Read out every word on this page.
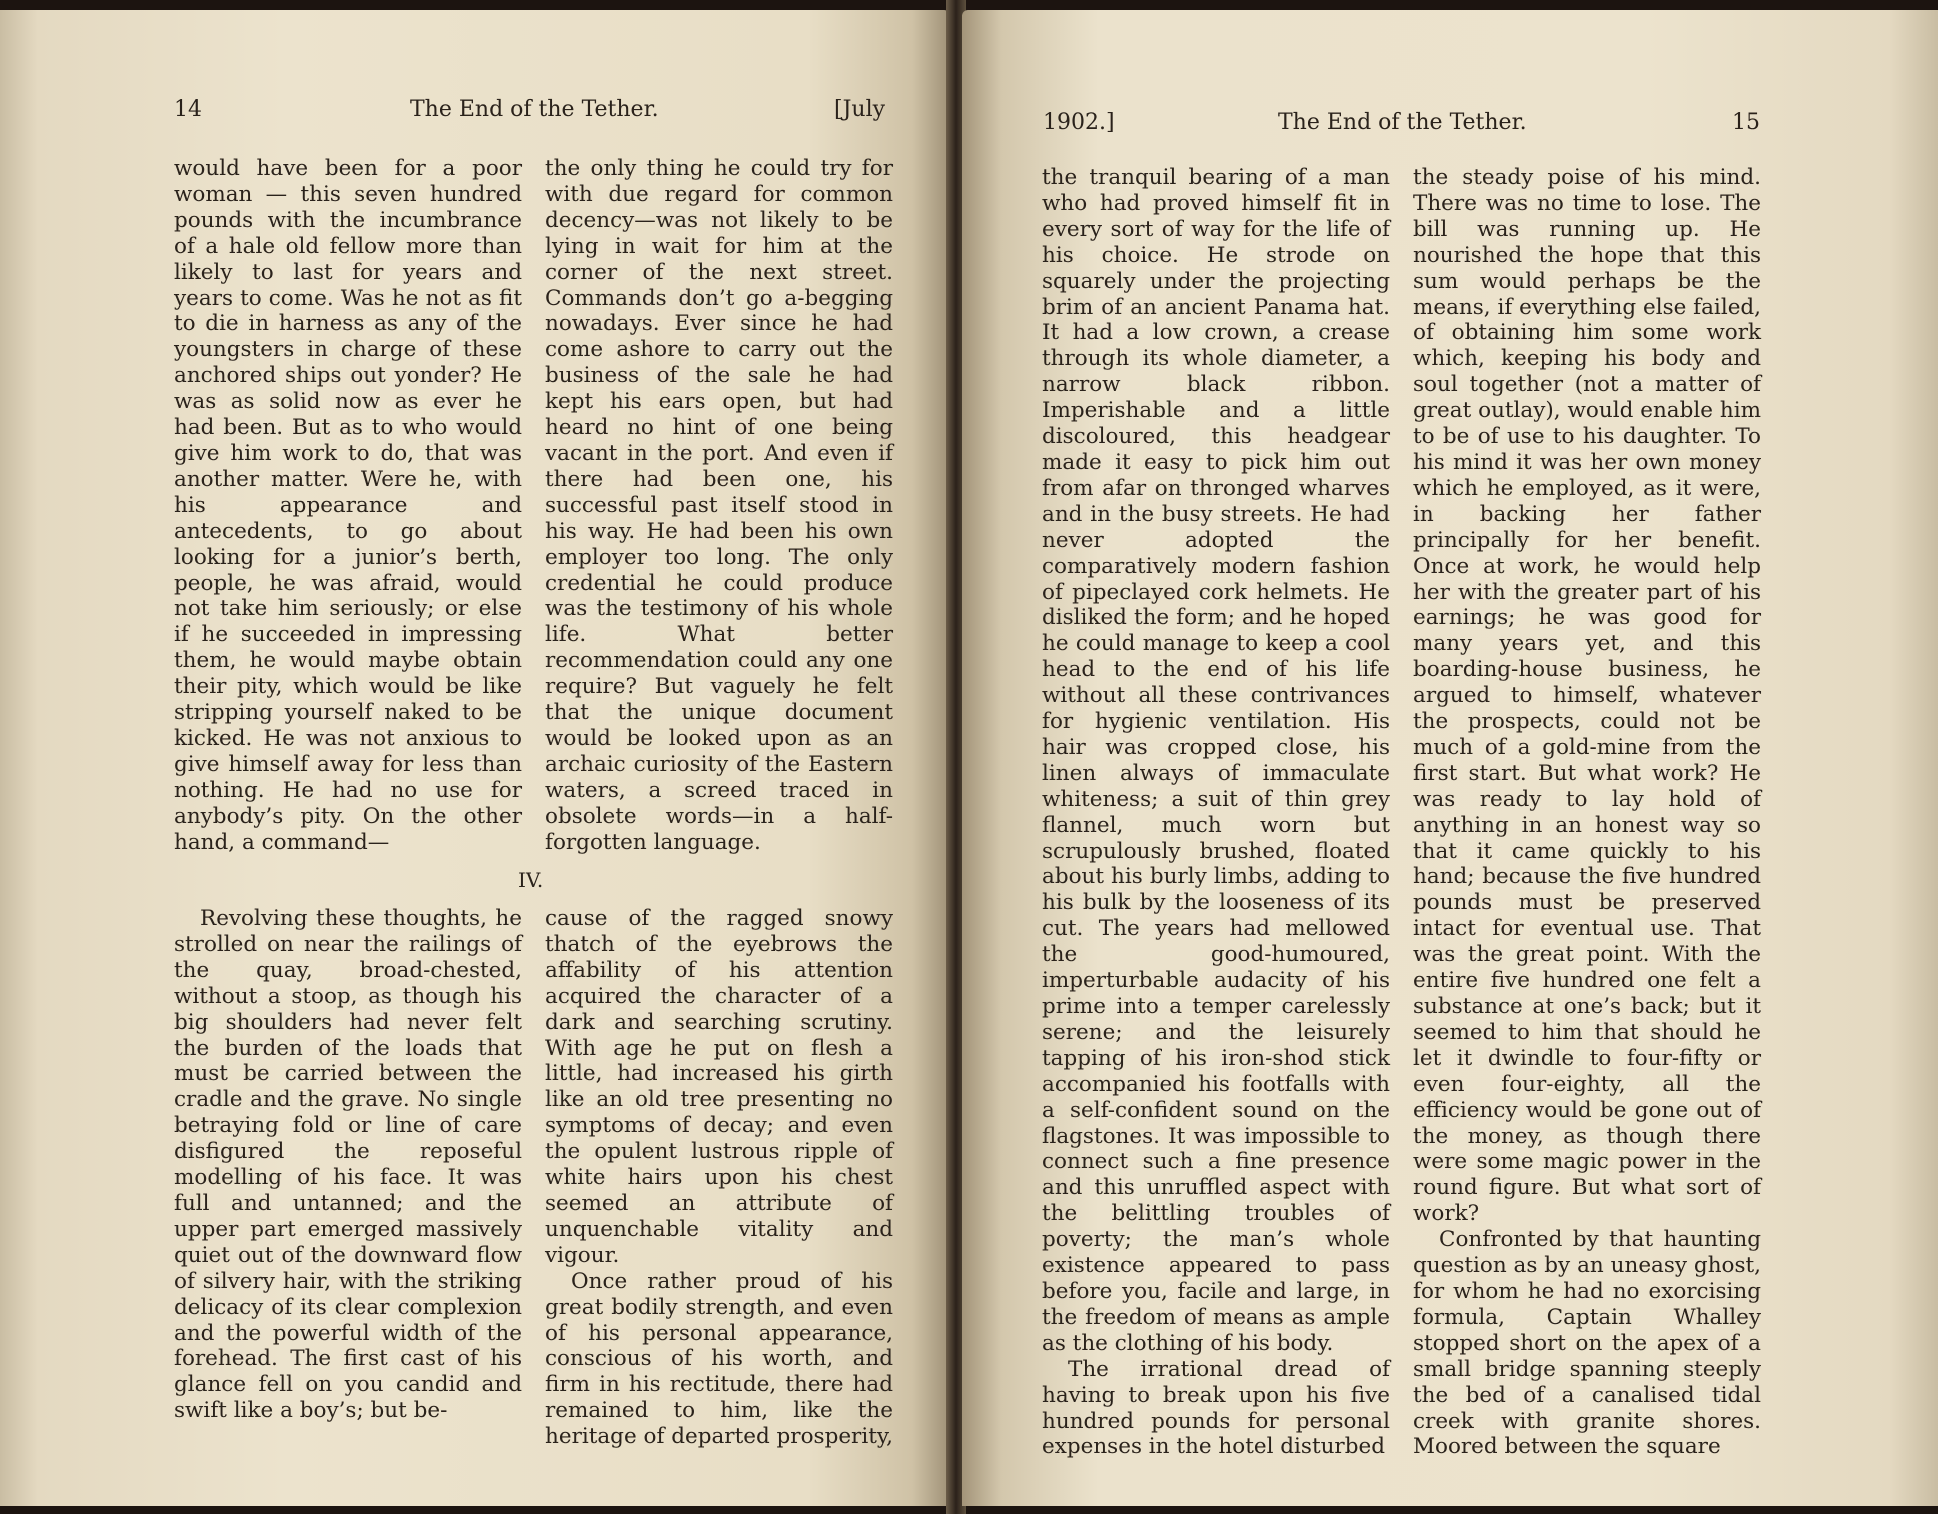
14	The End of the Tether.	[July

would have been for a poor woman — this seven hundred pounds with the incumbrance of a hale old fellow more than likely to last for years and years to come. Was he not as fit to die in harness as any of the youngsters in charge of these anchored ships out yonder? He was as solid now as ever he had been. But as to who would give him work to do, that was another matter. Were he, with his appearance and antecedents, to go about looking for a junior’s berth, people, he was afraid, would not take him seriously; or else if he succeeded in impressing them, he would maybe obtain their pity, which would be like stripping yourself naked to be kicked. He was not anxious to give himself away for less than nothing. He had no use for anybody’s pity. On the other hand, a command—

the only thing he could try for with due regard for common decency—was not likely to be lying in wait for him at the corner of the next street. Commands don’t go a-begging nowadays. Ever since he had come ashore to carry out the business of the sale he had kept his ears open, but had heard no hint of one being vacant in the port. And even if there had been one, his successful past itself stood in his way. He had been his own employer too long. The only credential he could produce was the testimony of his whole life. What better recommendation could any one require? But vaguely he felt that the unique document would be looked upon as an archaic curiosity of the Eastern waters, a screed traced in obsolete words—in a half-forgotten language.

IV.

Revolving these thoughts, he strolled on near the railings of the quay, broad-chested, without a stoop, as though his big shoulders had never felt the burden of the loads that must be carried between the cradle and the grave. No single betraying fold or line of care disfigured the reposeful modelling of his face. It was full and untanned; and the upper part emerged massively quiet out of the downward flow of silvery hair, with the striking delicacy of its clear complexion and the powerful width of the forehead. The first cast of his glance fell on you candid and swift like a boy’s; but be-

cause of the ragged snowy thatch of the eyebrows the affability of his attention acquired the character of a dark and searching scrutiny. With age he put on flesh a little, had increased his girth like an old tree presenting no symptoms of decay; and even the opulent lustrous ripple of white hairs upon his chest seemed an attribute of unquenchable vitality and vigour.

Once rather proud of his great bodily strength, and even of his personal appearance, conscious of his worth, and firm in his rectitude, there had remained to him, like the heritage of departed prosperity,

1902.]	The End of the Tether.	15

the tranquil bearing of a man who had proved himself fit in every sort of way for the life of his choice. He strode on squarely under the projecting brim of an ancient Panama hat. It had a low crown, a crease through its whole diameter, a narrow black ribbon. Imperishable and a little discoloured, this headgear made it easy to pick him out from afar on thronged wharves and in the busy streets. He had never adopted the comparatively modern fashion of pipeclayed cork helmets. He disliked the form; and he hoped he could manage to keep a cool head to the end of his life without all these contrivances for hygienic ventilation. His hair was cropped close, his linen always of immaculate whiteness; a suit of thin grey flannel, much worn but scrupulously brushed, floated about his burly limbs, adding to his bulk by the looseness of its cut. The years had mellowed the good-humoured, imperturbable audacity of his prime into a temper carelessly serene; and the leisurely tapping of his iron-shod stick accompanied his footfalls with a self-confident sound on the flagstones. It was impossible to connect such a fine presence and this unruffled aspect with the belittling troubles of poverty; the man’s whole existence appeared to pass before you, facile and large, in the freedom of means as ample as the clothing of his body.

The irrational dread of having to break upon his five hundred pounds for personal expenses in the hotel disturbed

the steady poise of his mind. There was no time to lose. The bill was running up. He nourished the hope that this sum would perhaps be the means, if everything else failed, of obtaining him some work which, keeping his body and soul together (not a matter of great outlay), would enable him to be of use to his daughter. To his mind it was her own money which he employed, as it were, in backing her father principally for her benefit. Once at work, he would help her with the greater part of his earnings; he was good for many years yet, and this boarding-house business, he argued to himself, whatever the prospects, could not be much of a gold-mine from the first start. But what work? He was ready to lay hold of anything in an honest way so that it came quickly to his hand; because the five hundred pounds must be preserved intact for eventual use. That was the great point. With the entire five hundred one felt a substance at one’s back; but it seemed to him that should he let it dwindle to four-fifty or even four-eighty, all the efficiency would be gone out of the money, as though there were some magic power in the round figure. But what sort of work?

Confronted by that haunting question as by an uneasy ghost, for whom he had no exorcising formula, Captain Whalley stopped short on the apex of a small bridge spanning steeply the bed of a canalised tidal creek with granite shores. Moored between the square
